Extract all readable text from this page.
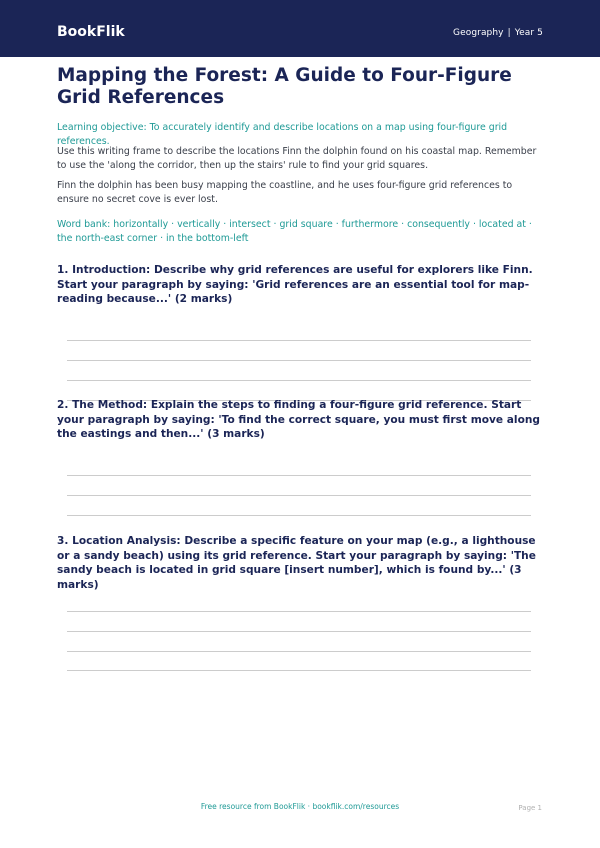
BookFlik	Geography | Year 5
Mapping the Forest: A Guide to Four-Figure Grid References

Learning objective: To accurately identify and describe locations on a map using four-figure grid references.

Use this writing frame to describe the locations Finn the dolphin found on his coastal map. Remember to use the 'along the corridor, then up the stairs' rule to find your grid squares.

Finn the dolphin has been busy mapping the coastline, and he uses four-figure grid references to ensure no secret cove is ever lost.

Word bank: horizontally · vertically · intersect · grid square · furthermore · consequently · located at · the north-east corner · in the bottom-left

1. Introduction: Describe why grid references are useful for explorers like Finn. Start your paragraph by saying: 'Grid references are an essential tool for map-reading because...' (2 marks)

2. The Method: Explain the steps to finding a four-figure grid reference. Start your paragraph by saying: 'To find the correct square, you must first move along the eastings and then...' (3 marks)

3. Location Analysis: Describe a specific feature on your map (e.g., a lighthouse or a sandy beach) using its grid reference. Start your paragraph by saying: 'The sandy beach is located in grid square [insert number], which is found by...' (3 marks)

Free resource from BookFlik · bookflik.com/resources	Page 1
